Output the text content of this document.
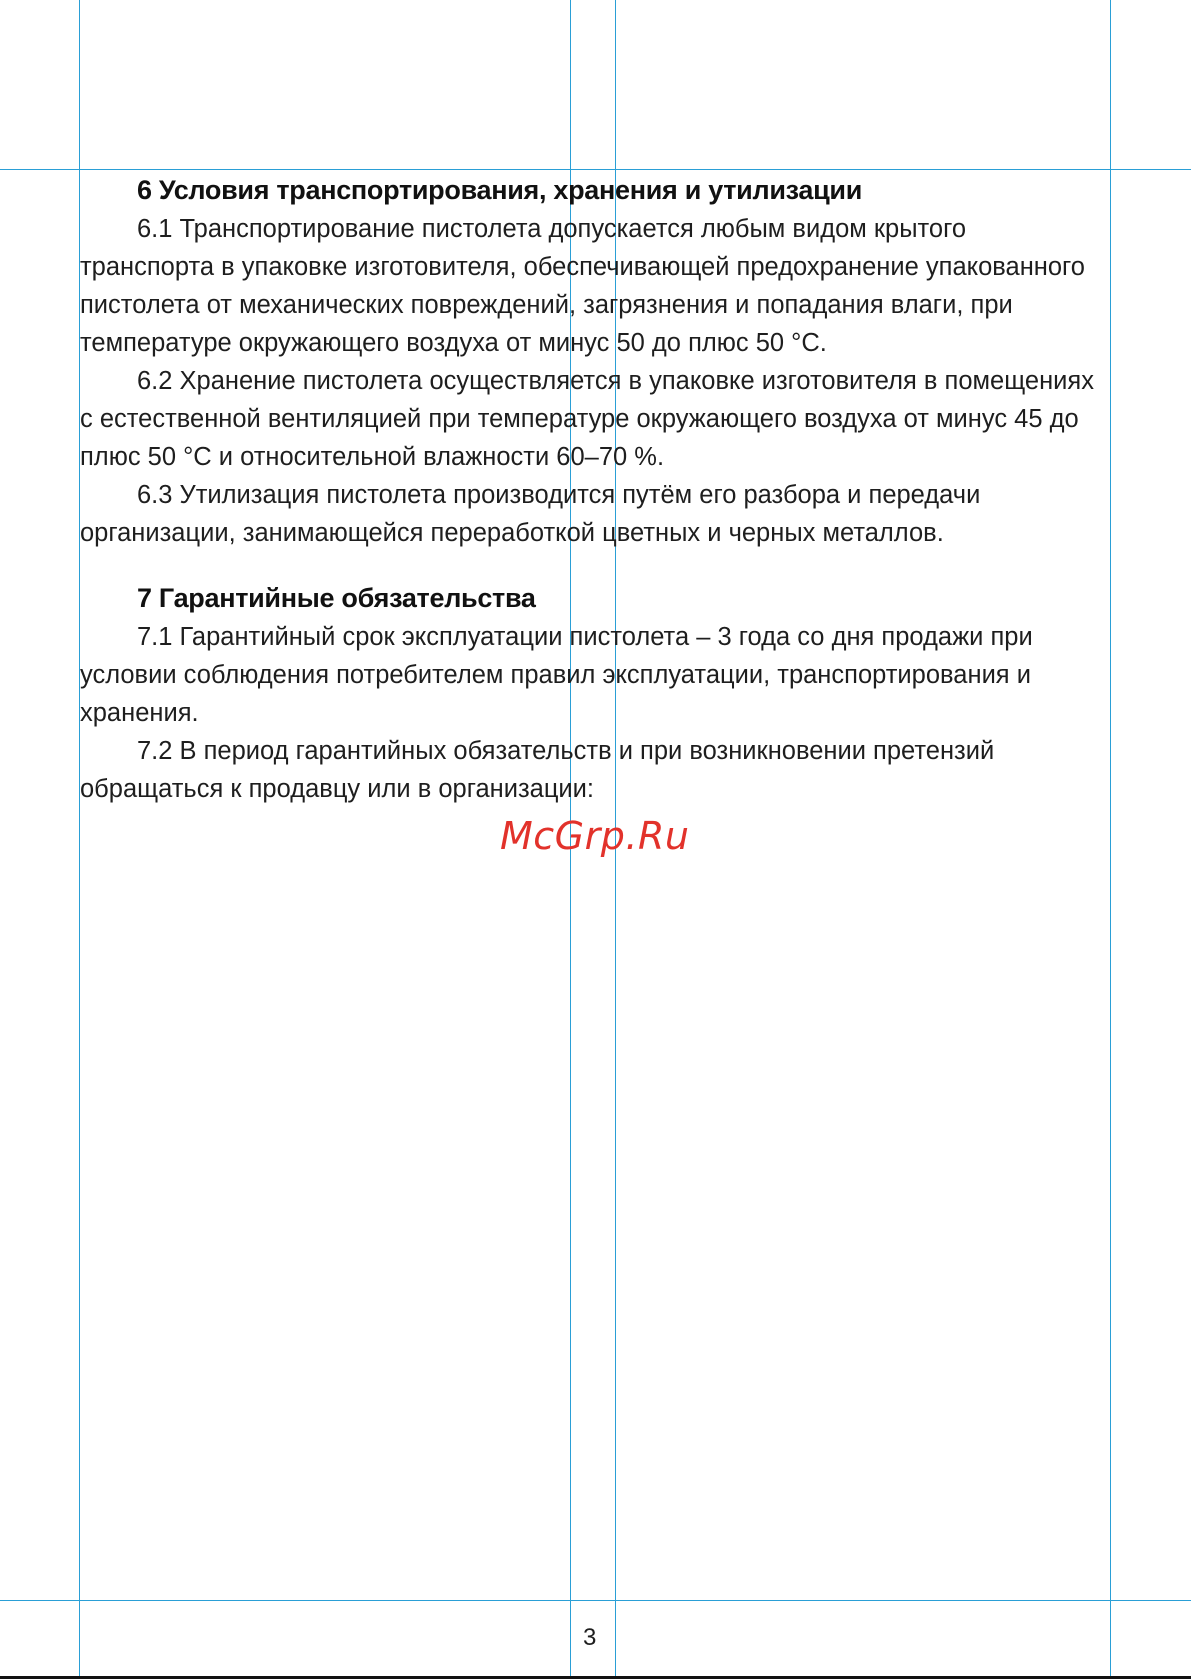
6 Условия транспортирования, хранения и утилизации

6.1 Транспортирование пистолета допускается любым видом крытого транспорта в упаковке изготовителя, обеспечивающей предохранение упакованного пистолета от механических повреждений, загрязнения и попадания влаги, при температуре окружающего воздуха от минус 50 до плюс 50 °С.

6.2 Хранение пистолета осуществляется в упаковке изготовителя в помещениях с естественной вентиляцией при температуре окружающего воздуха от минус 45 до плюс 50 °С и относительной влажности 60–70 %.

6.3 Утилизация пистолета производится путём его разбора и передачи организации, занимающейся переработкой цветных и черных металлов.

7 Гарантийные обязательства

7.1 Гарантийный срок эксплуатации пистолета – 3 года со дня продажи при условии соблюдения потребителем правил эксплуатации, транспортирования и хранения.

7.2 В период гарантийных обязательств и при возникновении претензий обращаться к продавцу или в организации:

McGrp.Ru
3
